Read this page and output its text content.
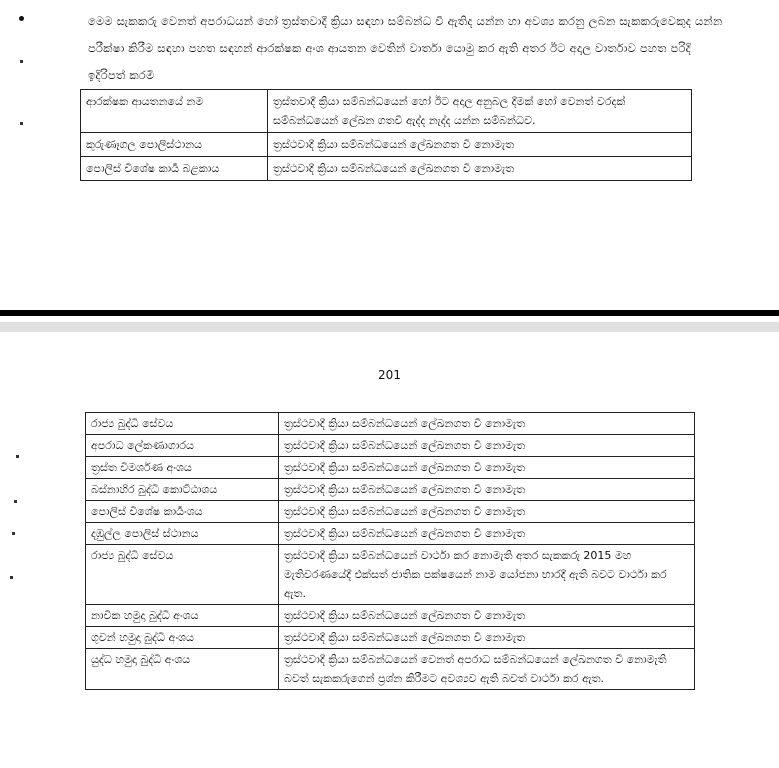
මෙම සැකකරු වෙනත් අපරාධයන් හෝ ත්‍රස්තවාදී ක්‍රියා සඳහා සම්බන්ධ වී ඇතිද යන්න හා අවශ්‍ය කරනු ලබන සැකකරුවෙකුද යන්න පරීක්ෂා කිරීම සඳහා පහත සඳහන් ආරක්ෂක අංශ ආයතන වෙතින් වාර්තා යොමු කර ඇති අතර ඊට අදාල වාර්තාව පහත පරිදි ඉදිරිපත් කරමි
ආරක්ෂක ආයතනයේ නම	ත්‍රස්තවාදී ක්‍රියා සම්බන්ධයෙන් හෝ ඊට අදාල අනුබල දීමක් හෝ වෙනත් වරදක් සම්බන්ධයෙන් ලේඛන ගතවී ඇද්ද නැද්ද යන්න සම්බන්ධව.
කුරුණෑගල පොලිස්ථානය	ත්‍රස්ථවාදී ක්‍රියා සම්බන්ධයෙන් ලේඛනගත වී නොමැත
පොලිස් විශේෂ කාර්‍ය බළකාය	ත්‍රස්ථවාදී ක්‍රියා සම්බන්ධයෙන් ලේඛනගත වී නොමැත
201
රාජ්‍ය බුද්ධි සේවය	ත්‍රස්ථවාදී ක්‍රියා සම්බන්ධයෙන් ලේඛනගත වී නොමැත
අපරාධ ලේකණාගාරය	ත්‍රස්ථවාදී ක්‍රියා සම්බන්ධයෙන් ලේඛනගත වී නොමැත
ත්‍රස්ත විමර්ශණ අංශය	ත්‍රස්ථවාදී ක්‍රියා සම්බන්ධයෙන් ලේඛනගත වී නොමැත
බස්නාහිර බුද්ධි කොට්ඨාශය	ත්‍රස්ථවාදී ක්‍රියා සම්බන්ධයෙන් ලේඛනගත වී නොමැත
පොලිස් විශේෂ කාර්‍යංශය	ත්‍රස්ථවාදී ක්‍රියා සම්බන්ධයෙන් ලේඛනගත වී නොමැත
දඹුල්ල පොලිස් ස්ථානය	ත්‍රස්ථවාදී ක්‍රියා සම්බන්ධයෙන් ලේඛනගත වී නොමැත
රාජ්‍ය බුද්ධි සේවය	ත්‍රස්ථවාදී ක්‍රියා සම්බන්ධයෙන් වාර්ථා කර නොමැති අතර සැකකරු 2015 මහ මැතිවරණයේදී එක්සත් ජාතික පක්ෂයෙන් නාම යෝජනා භාරදී ඇති බවට වාර්ථා කර ඇත.
නාවික හමුදා බුද්ධි අංශය	ත්‍රස්ථවාදී ක්‍රියා සම්බන්ධයෙන් ලේඛනගත වී නොමැත
ගුවන් හමුදා බුද්ධි අංශය	ත්‍රස්ථවාදී ක්‍රියා සම්බන්ධයෙන් ලේඛනගත වී නොමැත
යුද්ධ හමුදා බුද්ධි අංශය	ත්‍රස්ථවාදී ක්‍රියා සම්බන්ධයෙන් වෙනත් අපරාධ සම්බන්ධයෙන් ලේඛනගත වී නොමැති බවත් සැකකරුගෙන් ප්‍රශ්න කිරීමට අවශ්‍යව ඇති බවත් වාර්ථා කර ඇත.
